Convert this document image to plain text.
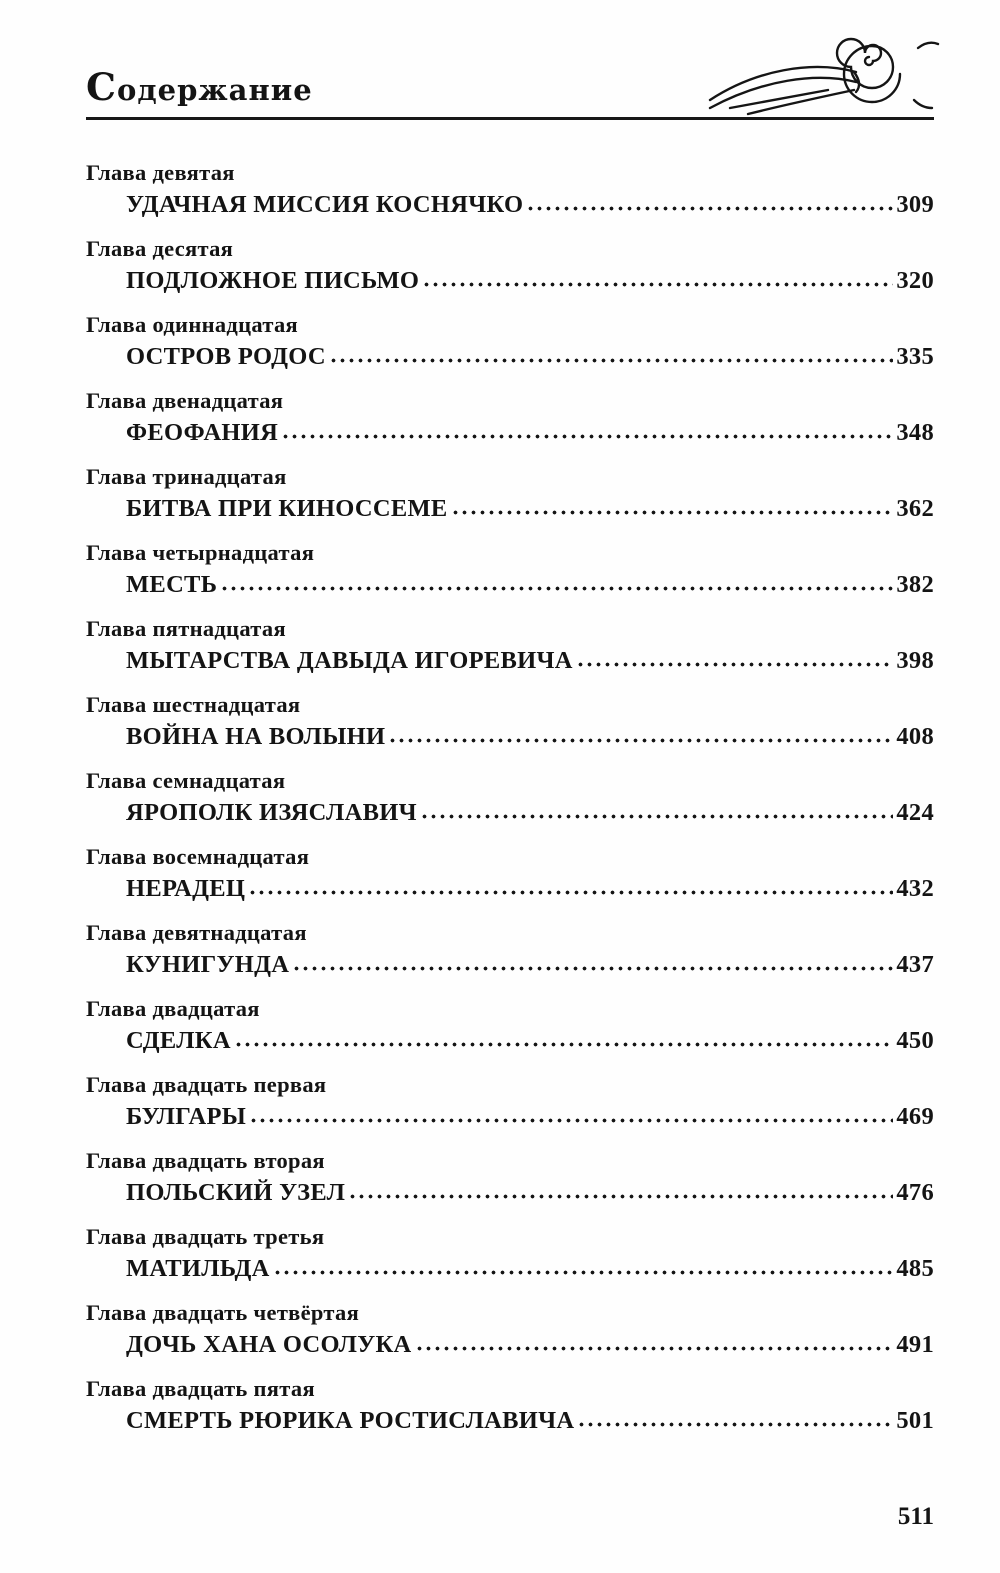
Содержание
Глава девятая
УДАЧНАЯ МИССИЯ КОСНЯЧКО	309
Глава десятая
ПОДЛОЖНОЕ ПИСЬМО	320
Глава одиннадцатая
ОСТРОВ РОДОС	335
Глава двенадцатая
ФЕОФАНИЯ	348
Глава тринадцатая
БИТВА ПРИ КИНОССЕМЕ	362
Глава четырнадцатая
МЕСТЬ	382
Глава пятнадцатая
МЫТАРСТВА ДАВЫДА ИГОРЕВИЧА	398
Глава шестнадцатая
ВОЙНА НА ВОЛЫНИ	408
Глава семнадцатая
ЯРОПОЛК ИЗЯСЛАВИЧ	424
Глава восемнадцатая
НЕРАДЕЦ	432
Глава девятнадцатая
КУНИГУНДА	437
Глава двадцатая
СДЕЛКА	450
Глава двадцать первая
БУЛГАРЫ	469
Глава двадцать вторая
ПОЛЬСКИЙ УЗЕЛ	476
Глава двадцать третья
МАТИЛЬДА	485
Глава двадцать четвёртая
ДОЧЬ ХАНА ОСОЛУКА	491
Глава двадцать пятая
СМЕРТЬ РЮРИКА РОСТИСЛАВИЧА	501
511
